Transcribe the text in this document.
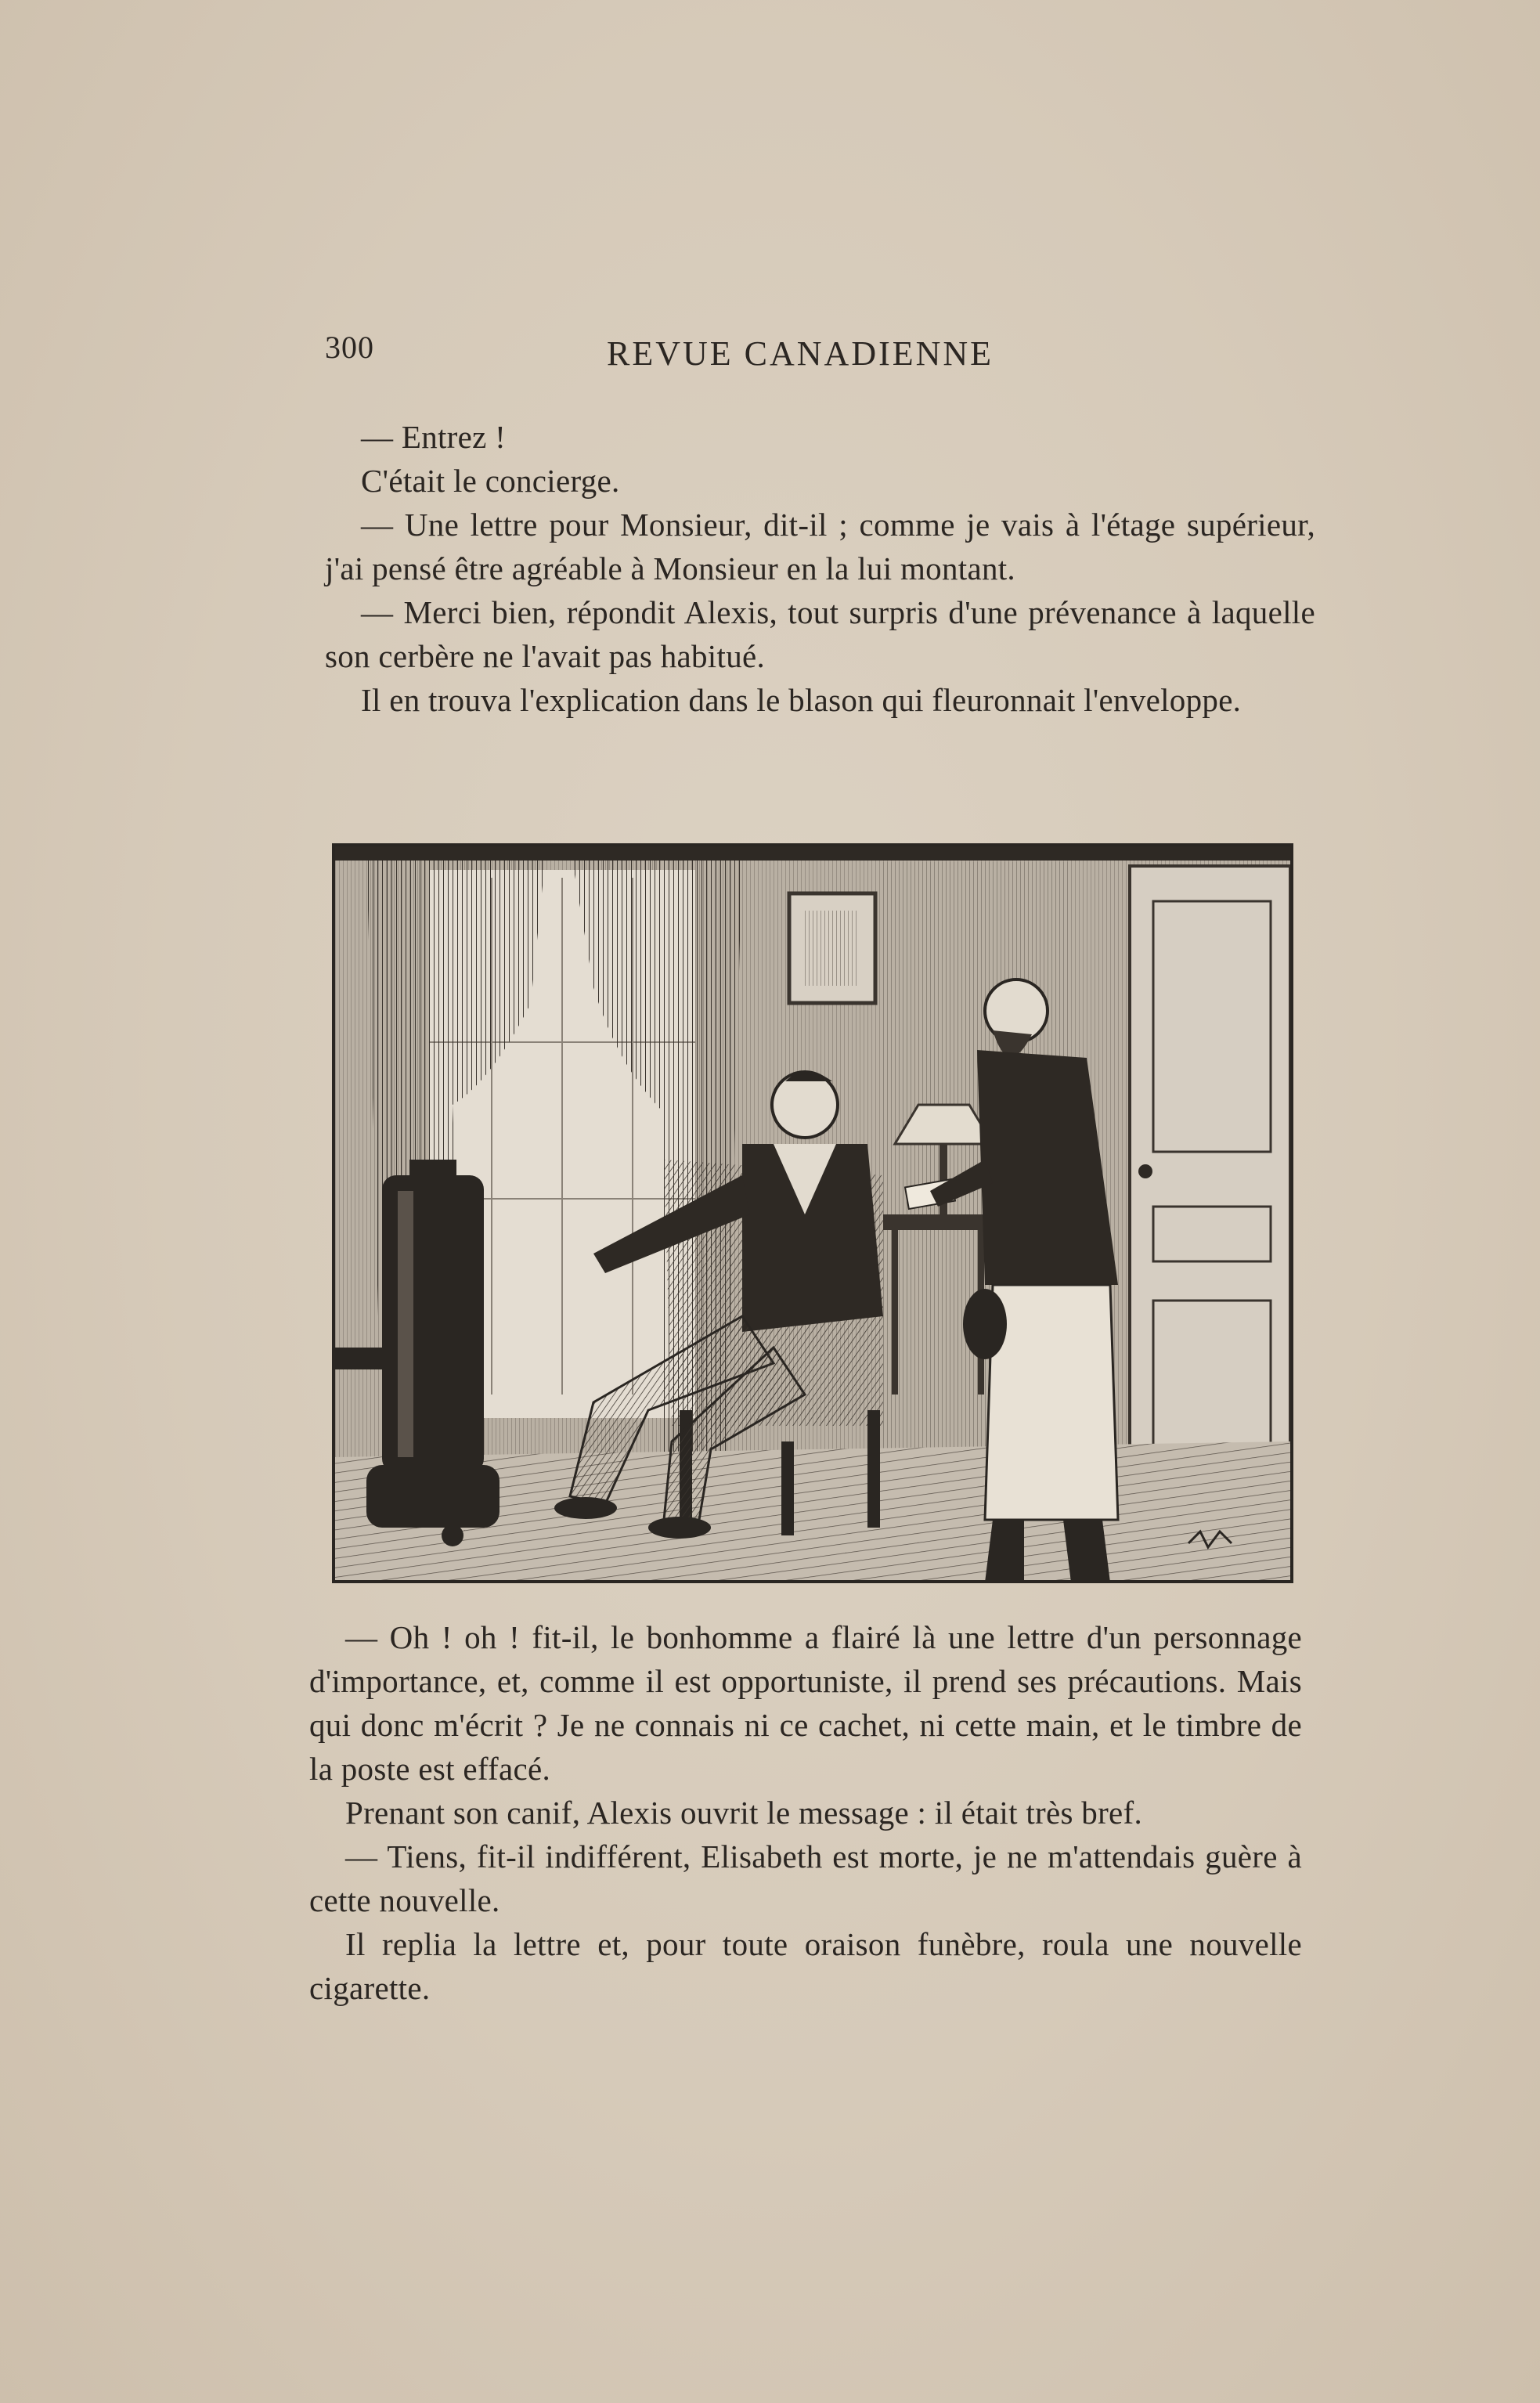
300	REVUE CANADIENNE

— Entrez !

C'était le concierge.

— Une lettre pour Monsieur, dit-il ; comme je vais à l'étage supérieur, j'ai pensé être agréable à Monsieur en la lui montant.

— Merci bien, répondit Alexis, tout surpris d'une prévenance à laquelle son cerbère ne l'avait pas habitué.

Il en trouva l'explication dans le blason qui fleuronnait l'enveloppe.

— Oh ! oh ! fit-il, le bonhomme a flairé là une lettre d'un personnage d'importance, et, comme il est opportuniste, il prend ses précautions. Mais qui donc m'écrit ? Je ne connais ni ce cachet, ni cette main, et le timbre de la poste est effacé.

Prenant son canif, Alexis ouvrit le message : il était très bref.

— Tiens, fit-il indifférent, Elisabeth est morte, je ne m'attendais guère à cette nouvelle.

Il replia la lettre et, pour toute oraison funèbre, roula une nouvelle cigarette.
